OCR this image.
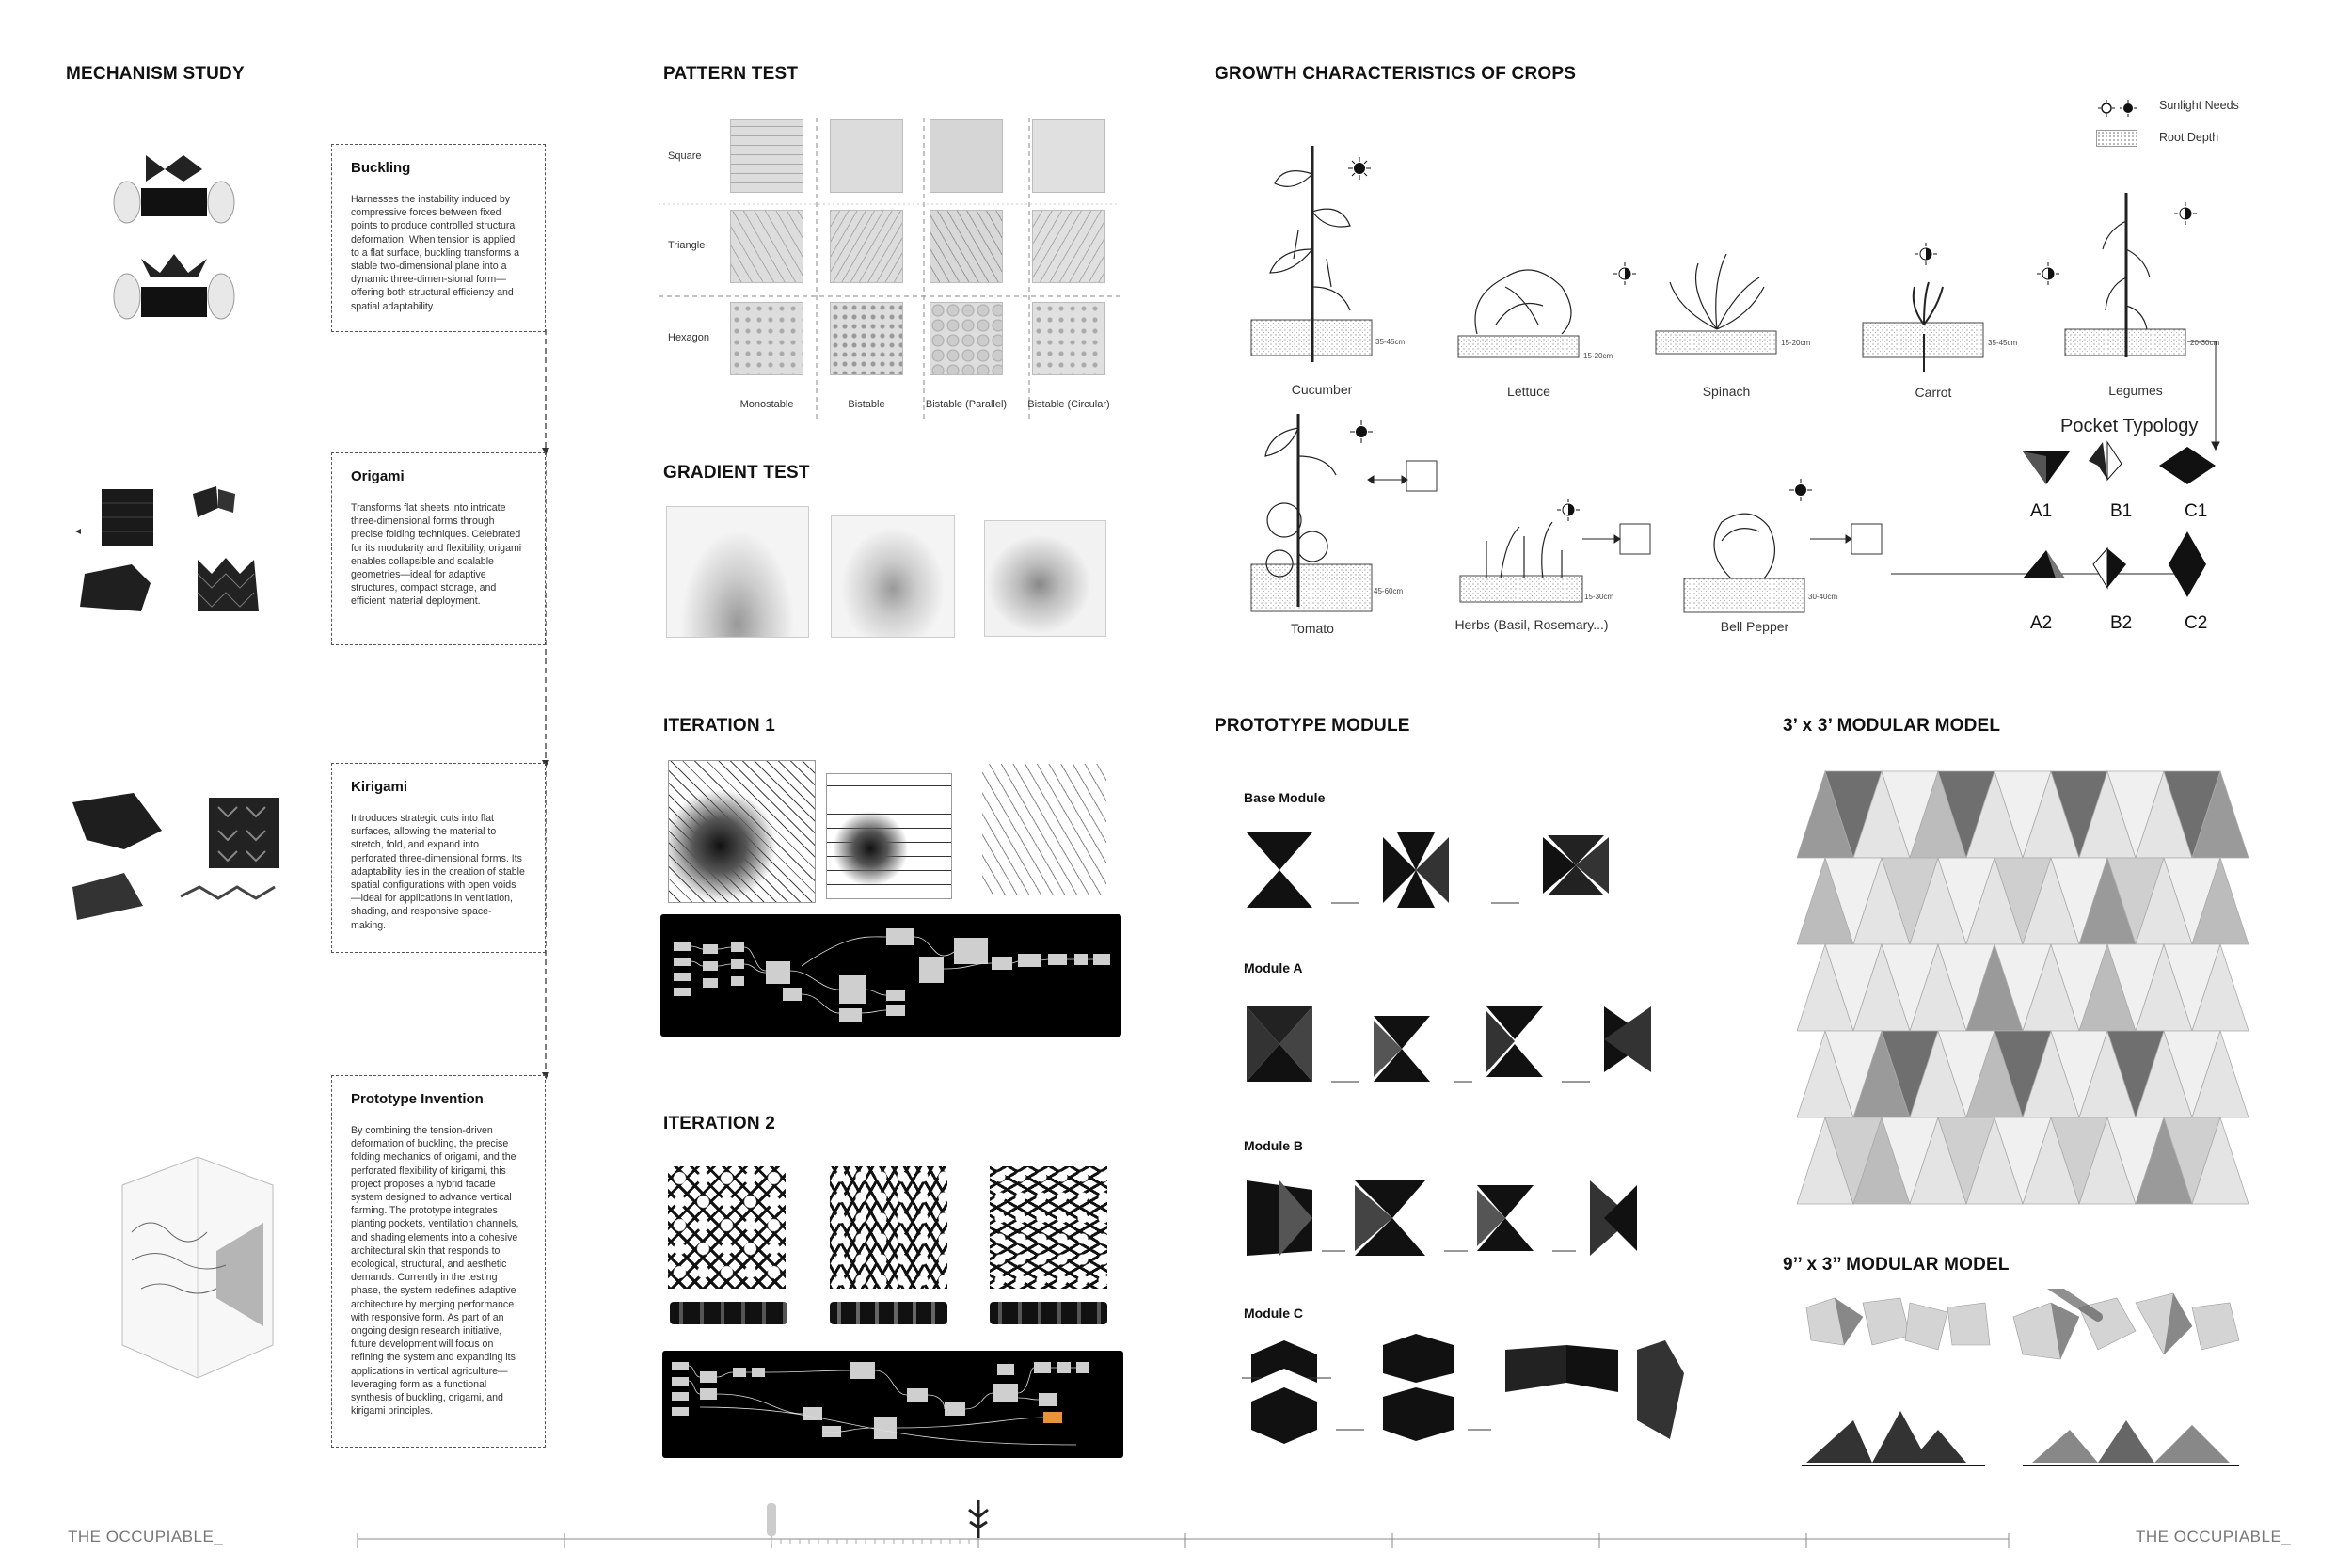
MECHANISM STUDY	PATTERN TEST	GROWTH CHARACTERISTICS OF CROPS
GRADIENT TEST
ITERATION 1
ITERATION 2
PROTOTYPE MODULE	3’ x 3’ MODULAR MODEL
9’’ x 3’’ MODULAR MODEL
Buckling

Harnesses the instability induced by compressive forces between fixed points to produce controlled structural deformation. When tension is applied to a flat surface, buckling transforms a stable two-dimensional plane into a dynamic three-dimen-sional form—offering both structural efficiency and spatial adaptability.

Origami

Transforms flat sheets into intricate three-dimensional forms through precise folding techniques. Celebrated for its modularity and flexibility, origami enables collapsible and scalable geometries—ideal for adaptive structures, compact storage, and efficient material deployment.

Kirigami

Introduces strategic cuts into flat surfaces, allowing the material to stretch, fold, and expand into perforated three-dimensional forms. Its adaptability lies in the creation of stable spatial configurations with open voids—ideal for applications in ventilation, shading, and responsive space-making.

Prototype Invention

By combining the tension-driven deformation of buckling, the precise folding mechanics of origami, and the perforated flexibility of kirigami, this project proposes a hybrid facade system designed to advance vertical farming. The prototype integrates planting pockets, ventilation channels, and shading elements into a cohesive architectural skin that responds to ecological, structural, and aesthetic demands. Currently in the testing phase, the system redefines adaptive architecture by merging performance with responsive form. As part of an ongoing design research initiative, future development will focus on refining the system and expanding its applications in vertical agriculture—leveraging form as a functional synthesis of buckling, origami, and kirigami principles.

Square
Triangle
Hexagon
Monostable	Bistable	Bistable (Parallel)	Bistable (Circular)
Sunlight Needs
Root Depth
Cucumber
35-45cm
Lettuce
15-20cm
Spinach
15-20cm
Carrot
35-45cm
Legumes
20-30cm
Tomato
45-60cm
Herbs (Basil, Rosemary...)
15-30cm
Bell Pepper
30-40cm
Pocket Typology
A1	B1	C1
A2	B2	C2
Base Module
Module A
Module B
Module C
THE OCCUPIABLE_	THE OCCUPIABLE_
